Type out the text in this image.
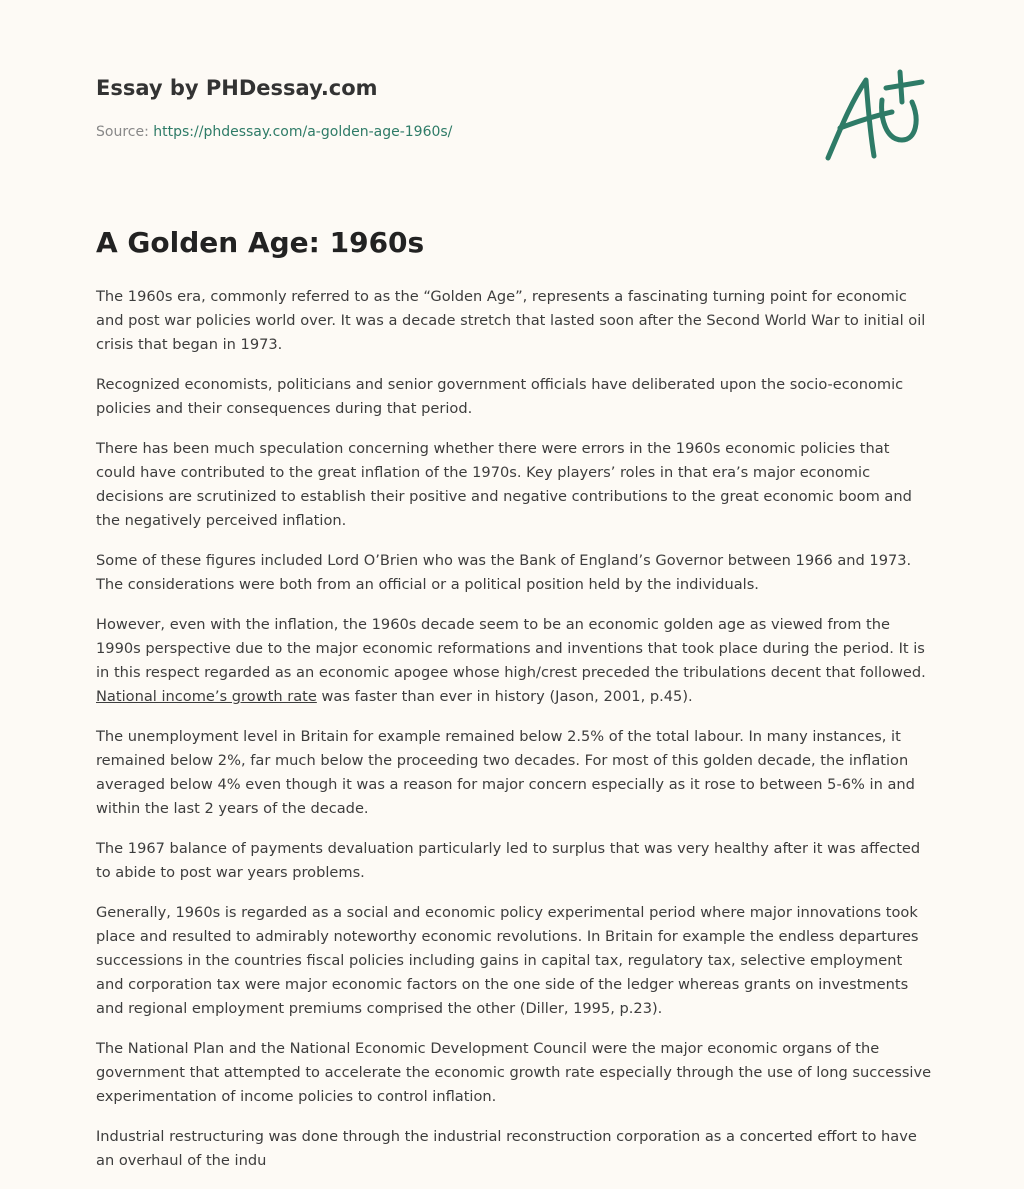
Essay by PHDessay.com

Source: https://phdessay.com/a-golden-age-1960s/

A Golden Age: 1960s

The 1960s era, commonly referred to as the “Golden Age”, represents a fascinating turning point for economic and post war policies world over. It was a decade stretch that lasted soon after the Second World War to initial oil crisis that began in 1973.

Recognized economists, politicians and senior government officials have deliberated upon the socio-economic policies and their consequences during that period.

There has been much speculation concerning whether there were errors in the 1960s economic policies that could have contributed to the great inflation of the 1970s. Key players’ roles in that era’s major economic decisions are scrutinized to establish their positive and negative contributions to the great economic boom and the negatively perceived inflation.

Some of these figures included Lord O’Brien who was the Bank of England’s Governor between 1966 and 1973. The considerations were both from an official or a political position held by the individuals.

However, even with the inflation, the 1960s decade seem to be an economic golden age as viewed from the 1990s perspective due to the major economic reformations and inventions that took place during the period. It is in this respect regarded as an economic apogee whose high/crest preceded the tribulations decent that followed. National income’s growth rate was faster than ever in history (Jason, 2001, p.45).

The unemployment level in Britain for example remained below 2.5% of the total labour. In many instances, it remained below 2%, far much below the proceeding two decades. For most of this golden decade, the inflation averaged below 4% even though it was a reason for major concern especially as it rose to between 5-6% in and within the last 2 years of the decade.

The 1967 balance of payments devaluation particularly led to surplus that was very healthy after it was affected to abide to post war years problems.

Generally, 1960s is regarded as a social and economic policy experimental period where major innovations took place and resulted to admirably noteworthy economic revolutions. In Britain for example the endless departures successions in the countries fiscal policies including gains in capital tax, regulatory tax, selective employment and corporation tax were major economic factors on the one side of the ledger whereas grants on investments and regional employment premiums comprised the other (Diller, 1995, p.23).

The National Plan and the National Economic Development Council were the major economic organs of the government that attempted to accelerate the economic growth rate especially through the use of long successive experimentation of income policies to control inflation.

Industrial restructuring was done through the industrial reconstruction corporation as a concerted effort to have an overhaul of the indu
